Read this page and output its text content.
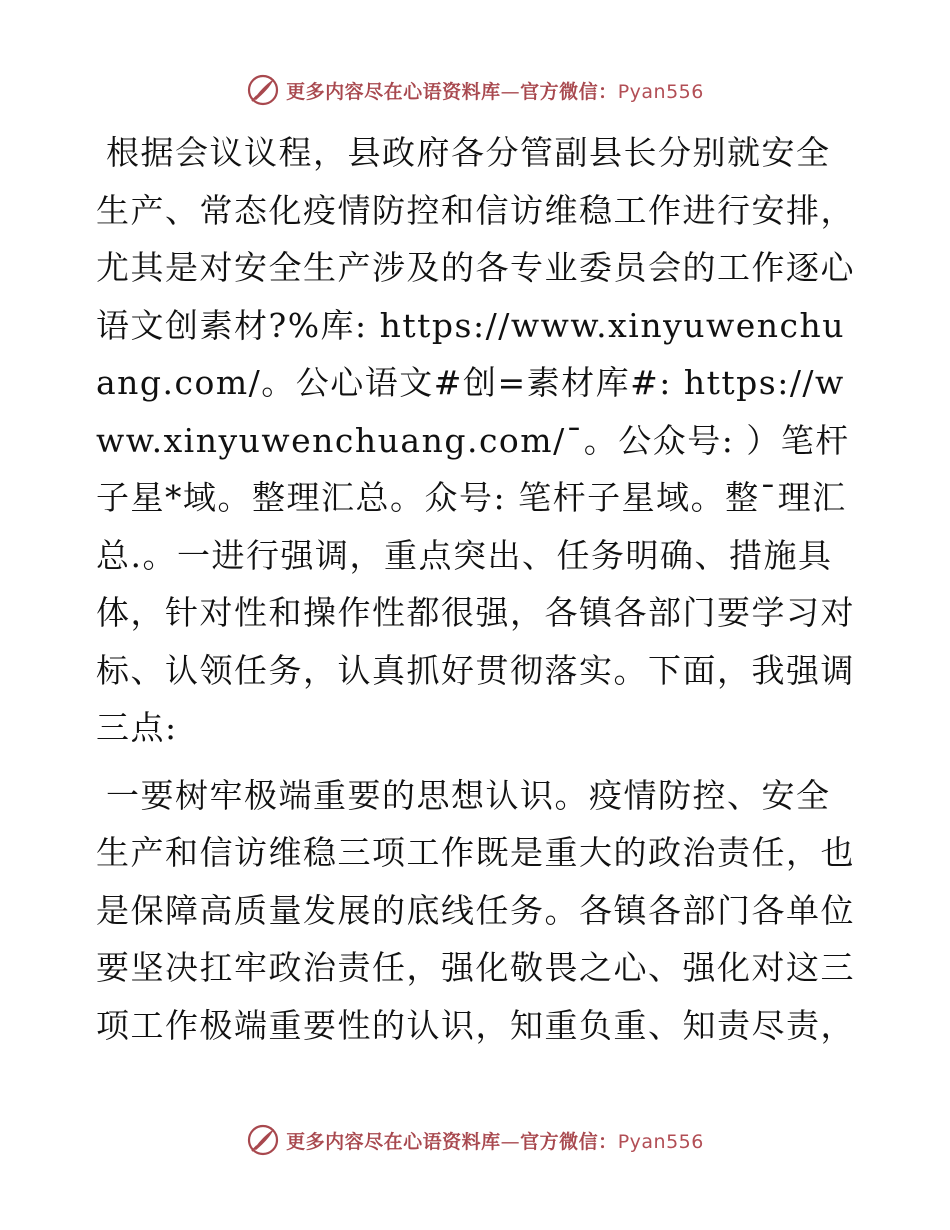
更多内容尽在心语资料库—官方微信：Pyan556

根据会议议程，县政府各分管副县长分别就安全生产、常态化疫情防控和信访维稳工作进行安排，尤其是对安全生产涉及的各专业委员会的工作逐心语文创素材?%库: https://www.xinyuwenchuang.com/。公心语文#创=素材库#: https://www.xinyuwenchuang.com/¯。公众号: ）笔杆子星*域。整理汇总。众号: 笔杆子星域。整¯理汇总.。一进行强调，重点突出、任务明确、措施具体，针对性和操作性都很强，各镇各部门要学习对标、认领任务，认真抓好贯彻落实。下面，我强调三点:

一要树牢极端重要的思想认识。疫情防控、安全生产和信访维稳三项工作既是重大的政治责任，也是保障高质量发展的底线任务。各镇各部门各单位要坚决扛牢政治责任，强化敬畏之心、强化对这三项工作极端重要性的认识，知重负重、知责尽责，

更多内容尽在心语资料库—官方微信：Pyan556
